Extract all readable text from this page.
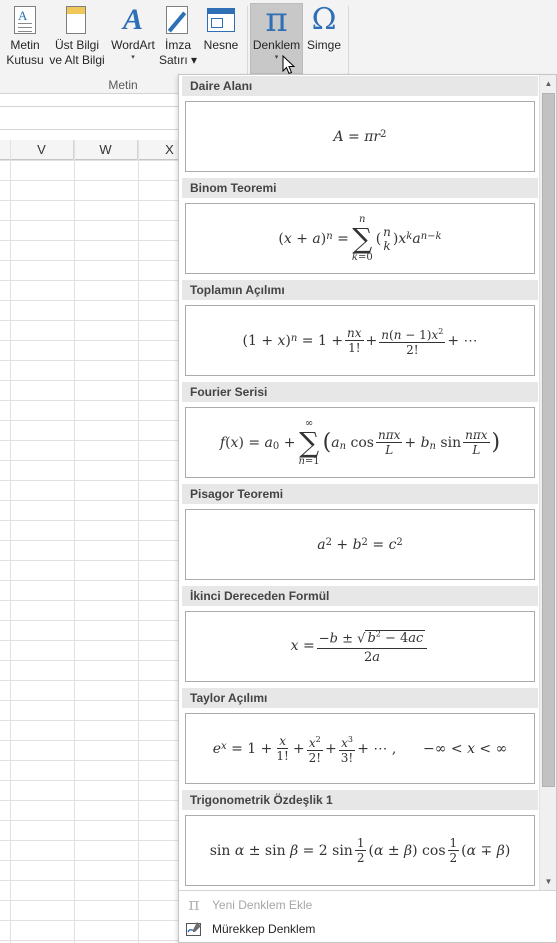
A
Metin
Kutusu
Üst Bilgi
ve Alt Bilgi
A
WordArt
▾
İmza
Satırı ▾
Nesne
π
Denklem
▾
Ω
Simge
Metin
V	W	X
Daire Alanı
A = πr 2
Binom Teoremi
( x + a ) n =
n
∑
k=0
( n
k ) x k a n−k
Toplamın Açılımı
(1 + x ) $n = 1 + \frac{nx}{1!} + \frac{n(n - 1)x^2}{2!}$ + ⋯
Fourier Serisi
f ( x ) = a 0 +
∞
∑
n=1
( a n $\cos \frac{\text{nπx}}{L} + b$ n $\sin \frac{\text{nπx}}{L}$ )
Pisagor Teoremi
a 2 + b 2 = c 2
İkinci Dereceden Formül
$x = \frac{-b \pm √ b^2 - 4ac}{2a}$
Taylor Açılımı
e $x = 1 + \frac{x}{1!} + \frac{x^2}{2!} + \frac{x^3}{3!}$ + ⋯ ,      −∞ < x < ∞
Trigonometrik Özdeşlik 1
sin α ± sin β = 2 $\sin \frac{1}{2}$ ( α ± β ) $\cos \frac{1}{2}$ ( α ∓ β )
▲
▼
π Yeni Denklem Ekle
Mürekkep Denklem
